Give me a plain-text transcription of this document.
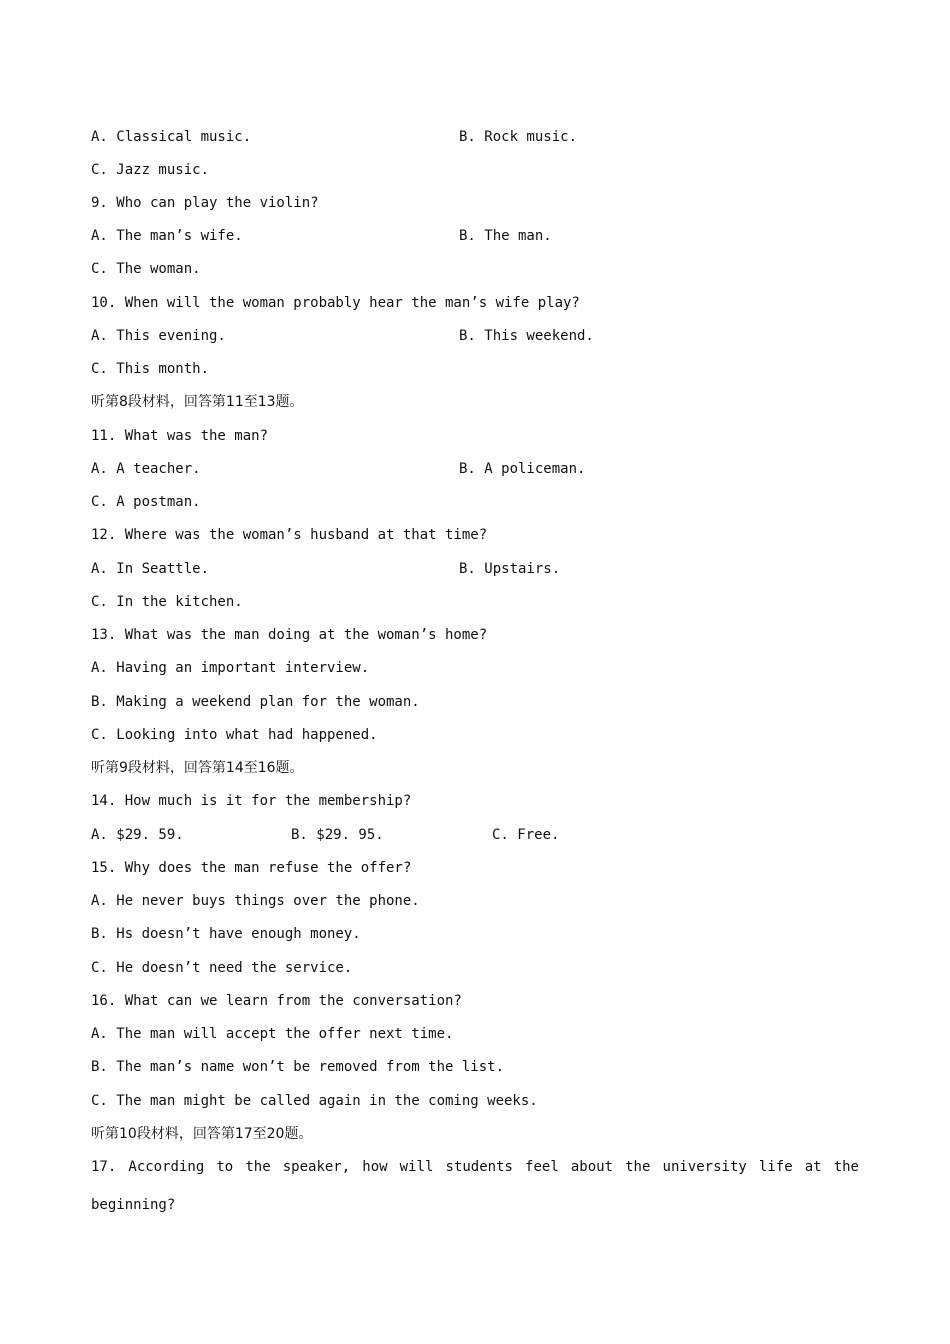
A. Classical music.	B. Rock music.
C. Jazz music.
9. Who can play the violin?
A. The man’s wife.	B. The man.
C. The woman.
10. When will the woman probably hear the man’s wife play?
A. This evening.	B. This weekend.
C. This month.
听第8段材料，回答第11至13题。
11. What was the man?
A. A teacher.	B. A policeman.
C. A postman.
12. Where was the woman’s husband at that time?
A. In Seattle.	B. Upstairs.
C. In the kitchen.
13. What was the man doing at the woman’s home?
A. Having an important interview.
B. Making a weekend plan for the woman.
C. Looking into what had happened.
听第9段材料，回答第14至16题。
14. How much is it for the membership?
A. $29. 59.	B. $29. 95.	C. Free.
15. Why does the man refuse the offer?
A. He never buys things over the phone.
B. Hs doesn’t have enough money.
C. He doesn’t need the service.
16. What can we learn from the conversation?
A. The man will accept the offer next time.
B. The man’s name won’t be removed from the list.
C. The man might be called again in the coming weeks.
听第10段材料，回答第17至20题。
17. According to the speaker, how will students feel about the university life at the
beginning?
